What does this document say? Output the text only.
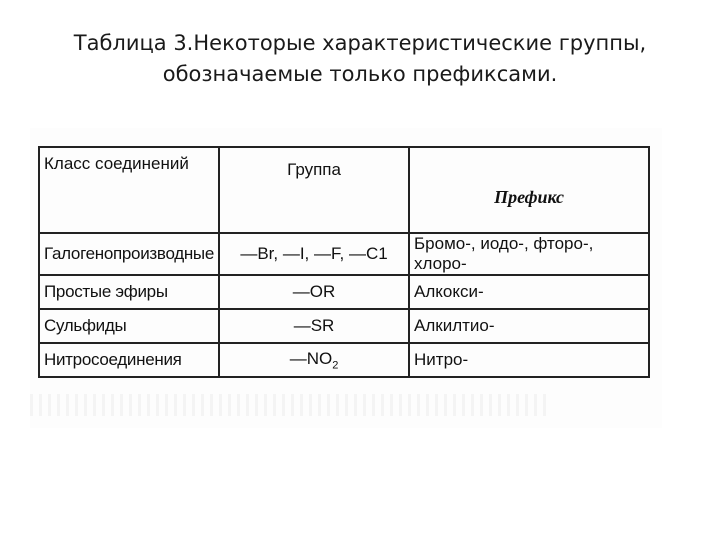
Таблица 3.Некоторые характеристические группы,
обозначаемые только префиксами.
Класс соединений	Группа	Префикс
Галогенопроизводные	—Br, —I, —F, —C1	Бромо-, иодо-, фторо-, хлоро-
Простые эфиры	—OR	Алкокси-
Сульфиды	—SR	Алкилтио-
Нитросоединения	$—NO_2$	Нитро-
